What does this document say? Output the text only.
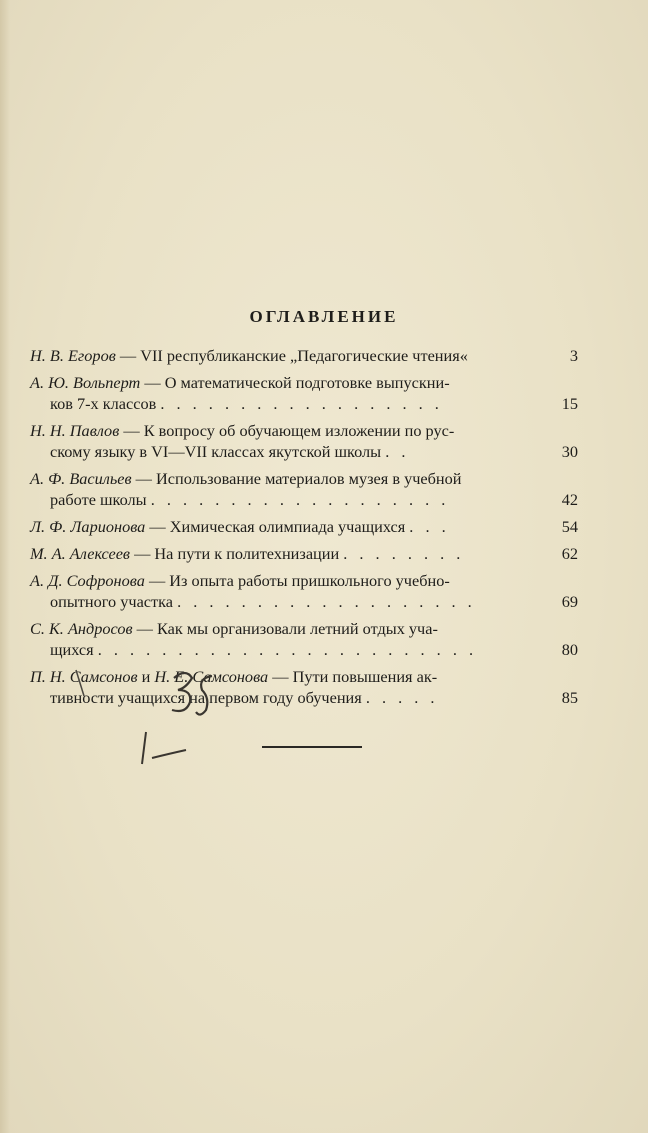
ОГЛАВЛЕНИЕ
Н. В. Егоров — VII республиканские „Педагогические чтения«	3
А. Ю. Вольперт — О математической подготовке выпускни-
ков 7-х классов . . . . . . . . . . . . . . . . . .	15
Н. Н. Павлов — К вопросу об обучающем изложении по рус-
скому языку в VI—VII классах якутской школы . .	30
А. Ф. Васильев — Использование материалов музея в учебной
работе школы . . . . . . . . . . . . . . . . . . .	42
Л. Ф. Ларионова — Химическая олимпиада учащихся . . .	54
М. А. Алексеев — На пути к политехнизации . . . . . . . .	62
А. Д. Софронова — Из опыта работы пришкольного учебно-
опытного участка . . . . . . . . . . . . . . . . . . .	69
С. К. Андросов — Как мы организовали летний отдых уча-
щихся . . . . . . . . . . . . . . . . . . . . . . . .	80
П. Н. Самсонов и Н. Е. Самсонова — Пути повышения ак-
тивности учащихся на первом году обучения . . . . .	85
